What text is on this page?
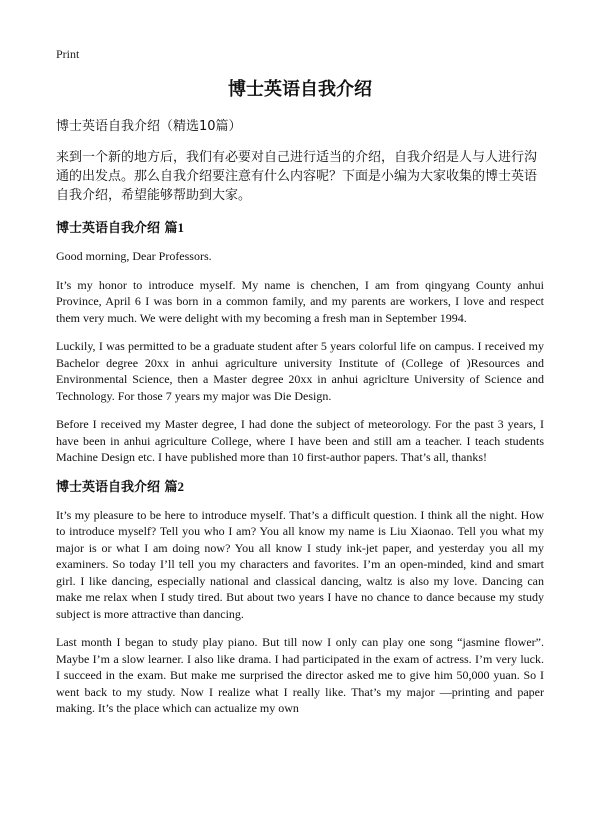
Print
博士英语自我介绍

博士英语自我介绍（精选10篇）

来到一个新的地方后，我们有必要对自己进行适当的介绍，自我介绍是人与人进行沟通的出发点。那么自我介绍要注意有什么内容呢？下面是小编为大家收集的博士英语自我介绍，希望能够帮助到大家。

博士英语自我介绍 篇1

Good morning, Dear Professors.

It’s my honor to introduce myself. My name is chenchen, I am from qingyang County anhui Province, April 6 I was born in a common family, and my parents are workers, I love and respect them very much. We were delight with my becoming a fresh man in September 1994.

Luckily, I was permitted to be a graduate student after 5 years colorful life on campus. I received my Bachelor degree 20xx in anhui agriculture university Institute of (College of )Resources and Environmental Science, then a Master degree 20xx in anhui agriclture University of Science and Technology. For those 7 years my major was Die Design.

Before I received my Master degree, I had done the subject of meteorology. For the past 3 years, I have been in anhui agriculture College, where I have been and still am a teacher. I teach students Machine Design etc. I have published more than 10 first-author papers. That’s all, thanks!

博士英语自我介绍 篇2

It’s my pleasure to be here to introduce myself. That’s a difficult question. I think all the night. How to introduce myself? Tell you who I am? You all know my name is Liu Xiaonao. Tell you what my major is or what I am doing now? You all know I study ink-jet paper, and yesterday you all my examiners. So today I’ll tell you my characters and favorites. I’m an open-minded, kind and smart girl. I like dancing, especially national and classical dancing, waltz is also my love. Dancing can make me relax when I study tired. But about two years I have no chance to dance because my study subject is more attractive than dancing.

Last month I began to study play piano. But till now I only can play one song “jasmine flower”. Maybe I’m a slow learner. I also like drama. I had participated in the exam of actress. I’m very luck. I succeed in the exam. But make me surprised the director asked me to give him 50,000 yuan. So I went back to my study. Now I realize what I really like. That’s my major —printing and paper making. It’s the place which can actualize my own
